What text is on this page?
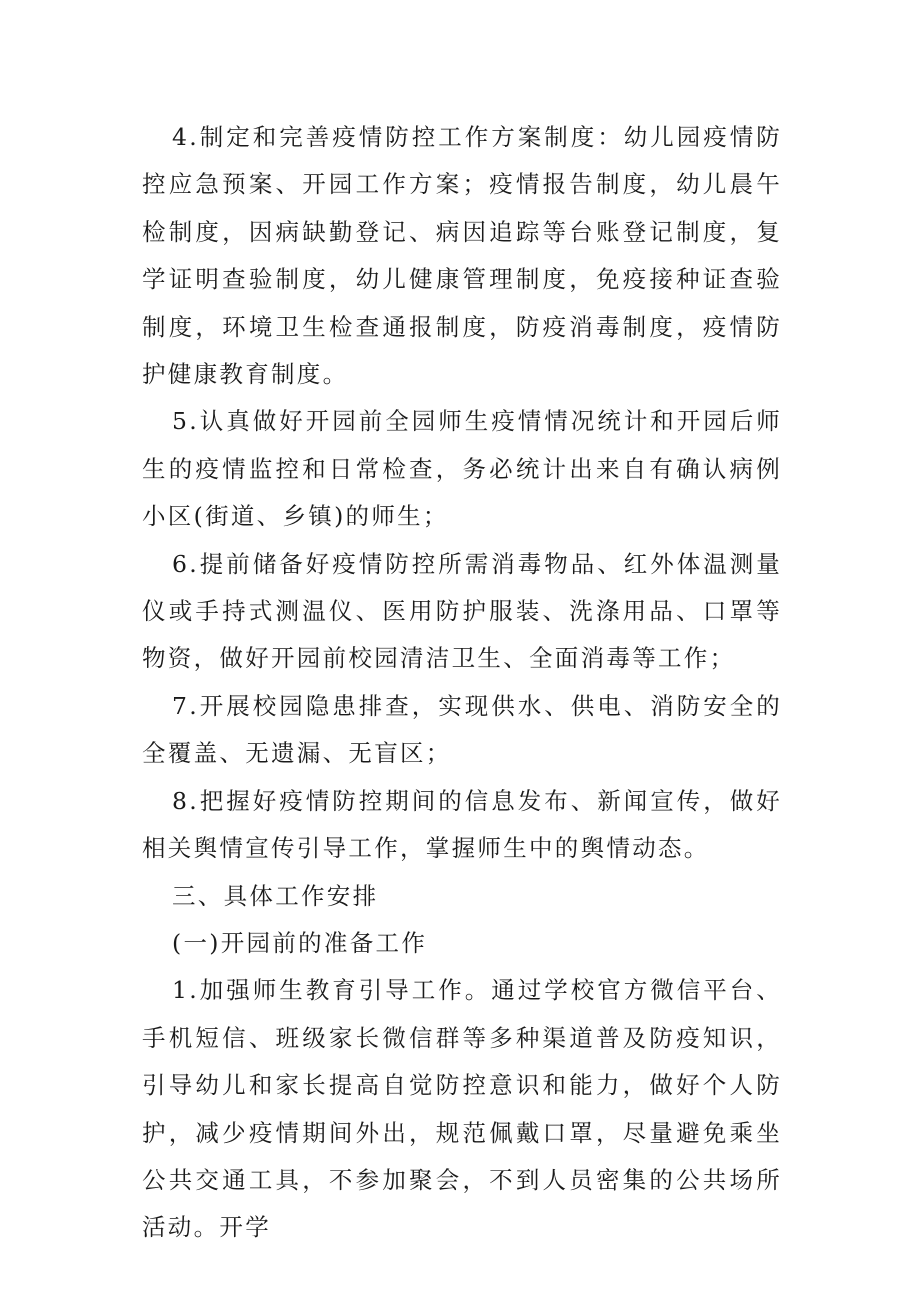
4.制定和完善疫情防控工作方案制度：幼儿园疫情防控应急预案、开园工作方案；疫情报告制度，幼儿晨午检制度，因病缺勤登记、病因追踪等台账登记制度，复学证明查验制度，幼儿健康管理制度，免疫接种证查验制度，环境卫生检查通报制度，防疫消毒制度，疫情防护健康教育制度。

5.认真做好开园前全园师生疫情情况统计和开园后师生的疫情监控和日常检查，务必统计出来自有确认病例小区(街道、乡镇)的师生；

6.提前储备好疫情防控所需消毒物品、红外体温测量仪或手持式测温仪、医用防护服装、洗涤用品、口罩等物资，做好开园前校园清洁卫生、全面消毒等工作；

7.开展校园隐患排查，实现供水、供电、消防安全的全覆盖、无遗漏、无盲区；

8.把握好疫情防控期间的信息发布、新闻宣传，做好相关舆情宣传引导工作，掌握师生中的舆情动态。

三、具体工作安排

(一)开园前的准备工作

1.加强师生教育引导工作。通过学校官方微信平台、手机短信、班级家长微信群等多种渠道普及防疫知识，引导幼儿和家长提高自觉防控意识和能力，做好个人防护，减少疫情期间外出，规范佩戴口罩，尽量避免乘坐公共交通工具，不参加聚会，不到人员密集的公共场所活动。开学
